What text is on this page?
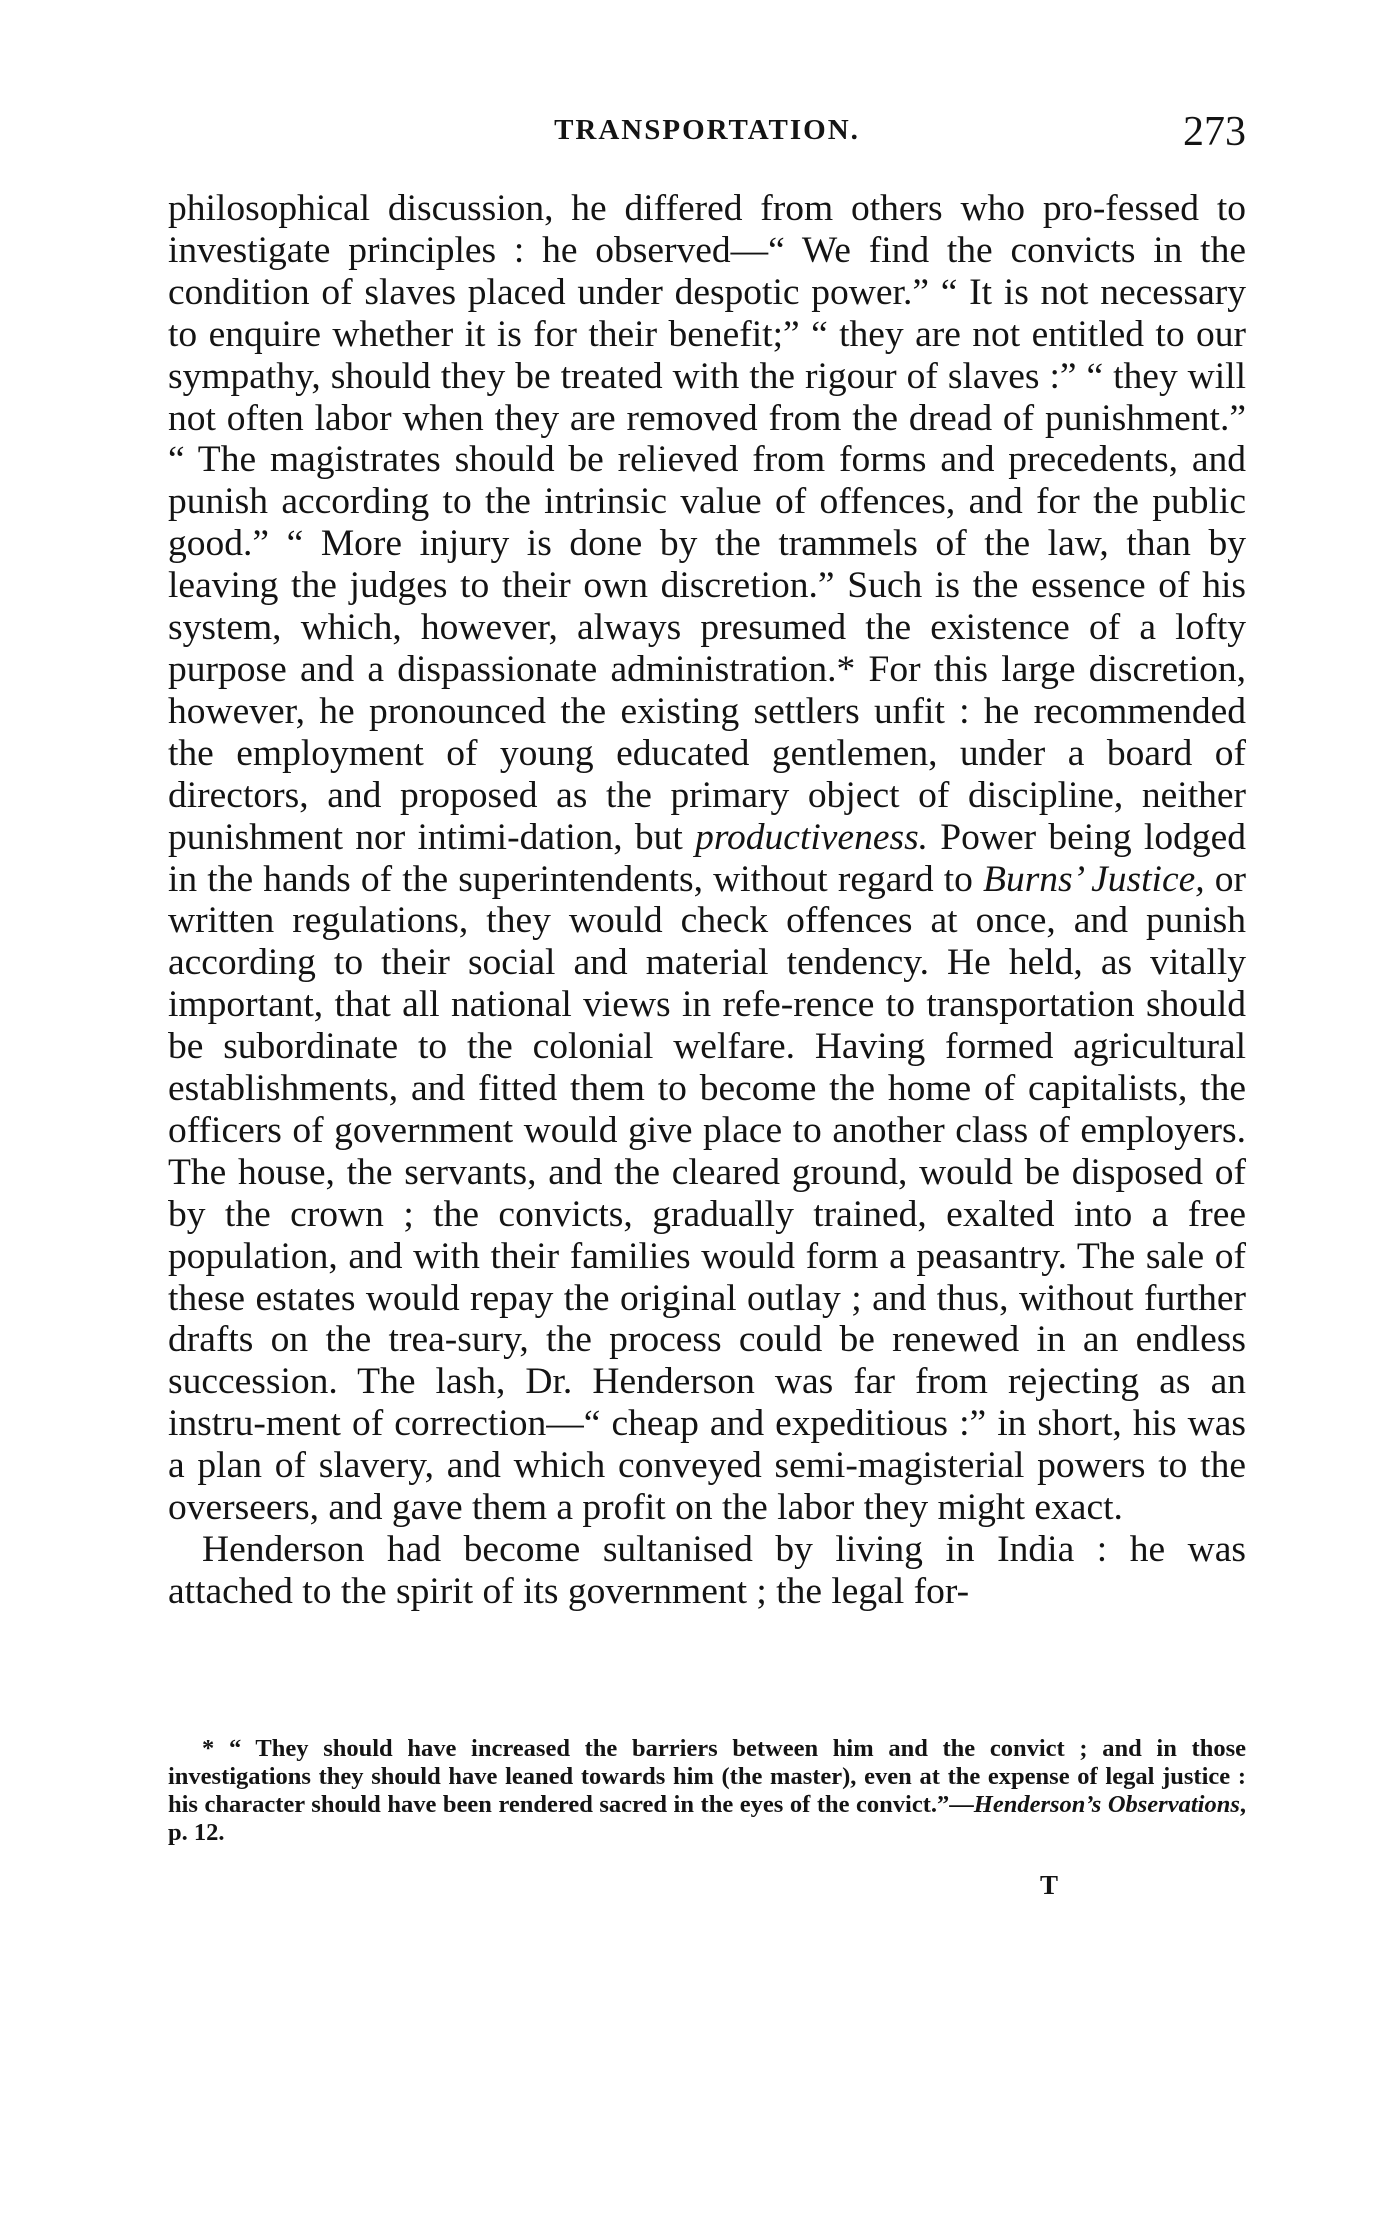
TRANSPORTATION.	273

philosophical discussion, he differed from others who pro-fessed to investigate principles : he observed—“ We find the convicts in the condition of slaves placed under despotic power.” “ It is not necessary to enquire whether it is for their benefit;” “ they are not entitled to our sympathy, should they be treated with the rigour of slaves :” “ they will not often labor when they are removed from the dread of punishment.” “ The magistrates should be relieved from forms and precedents, and punish according to the intrinsic value of offences, and for the public good.” “ More injury is done by the trammels of the law, than by leaving the judges to their own discretion.” Such is the essence of his system, which, however, always presumed the existence of a lofty purpose and a dispassionate administration.* For this large discretion, however, he pronounced the existing settlers unfit : he recommended the employment of young educated gentlemen, under a board of directors, and proposed as the primary object of discipline, neither punishment nor intimi-dation, but productiveness. Power being lodged in the hands of the superintendents, without regard to Burns’ Justice, or written regulations, they would check offences at once, and punish according to their social and material tendency. He held, as vitally important, that all national views in refe-rence to transportation should be subordinate to the colonial welfare. Having formed agricultural establishments, and fitted them to become the home of capitalists, the officers of government would give place to another class of employers. The house, the servants, and the cleared ground, would be disposed of by the crown ; the convicts, gradually trained, exalted into a free population, and with their families would form a peasantry. The sale of these estates would repay the original outlay ; and thus, without further drafts on the trea-sury, the process could be renewed in an endless succession. The lash, Dr. Henderson was far from rejecting as an instru-ment of correction—“ cheap and expeditious :” in short, his was a plan of slavery, and which conveyed semi-magisterial powers to the overseers, and gave them a profit on the labor they might exact.

Henderson had become sultanised by living in India : he was attached to the spirit of its government ; the legal for-

* “ They should have increased the barriers between him and the convict ; and in those investigations they should have leaned towards him (the master), even at the expense of legal justice : his character should have been rendered sacred in the eyes of the convict.”—Henderson’s Observations, p. 12.

T
